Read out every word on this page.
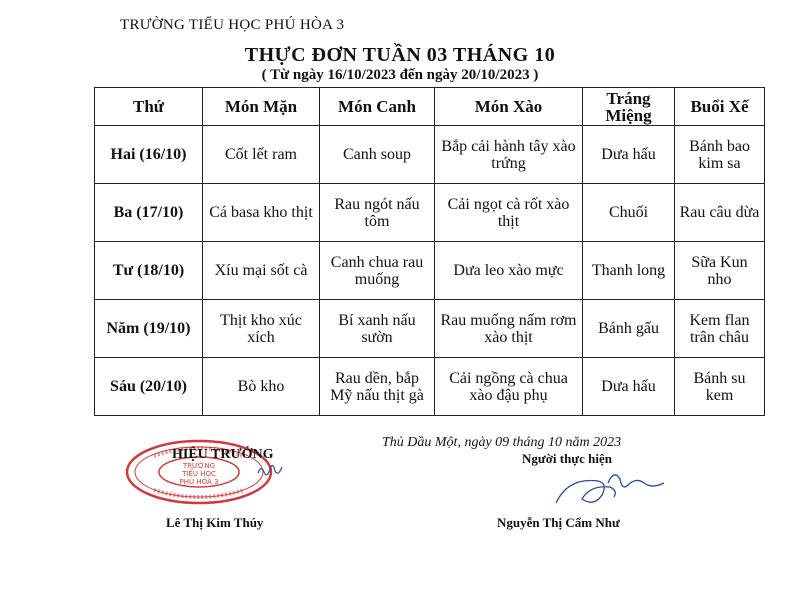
TRƯỜNG TIỂU HỌC PHÚ HÒA 3
THỰC ĐƠN TUẦN 03 THÁNG 10
( Từ ngày 16/10/2023 đến ngày 20/10/2023 )
Thứ	Món Mặn	Món Canh	Món Xào	Tráng Miệng	Buổi Xế
Hai (16/10)	Cốt lết ram	Canh soup	Bắp cải hành tây xào trứng	Dưa hấu	Bánh bao kim sa
Ba (17/10)	Cá basa kho thịt	Rau ngót nấu tôm	Cải ngọt cà rốt xào thịt	Chuối	Rau câu dừa
Tư (18/10)	Xíu mại sốt cà	Canh chua rau muống	Dưa leo xào mực	Thanh long	Sữa Kun nho
Năm (19/10)	Thịt kho xúc xích	Bí xanh nấu sườn	Rau muống nấm rơm xào thịt	Bánh gấu	Kem flan trân châu
Sáu (20/10)	Bò kho	Rau dền, bắp Mỹ nấu thịt gà	Cải ngồng cà chua xào đậu phụ	Dưa hấu	Bánh su kem
TRƯỜNG
TIỂU HỌC
PHÚ HÒA 3
HIỆU TRƯỞNG
Thủ Dầu Một, ngày 09 tháng 10 năm 2023
Người thực hiện
Lê Thị Kim Thúy	Nguyễn Thị Cẩm Như
